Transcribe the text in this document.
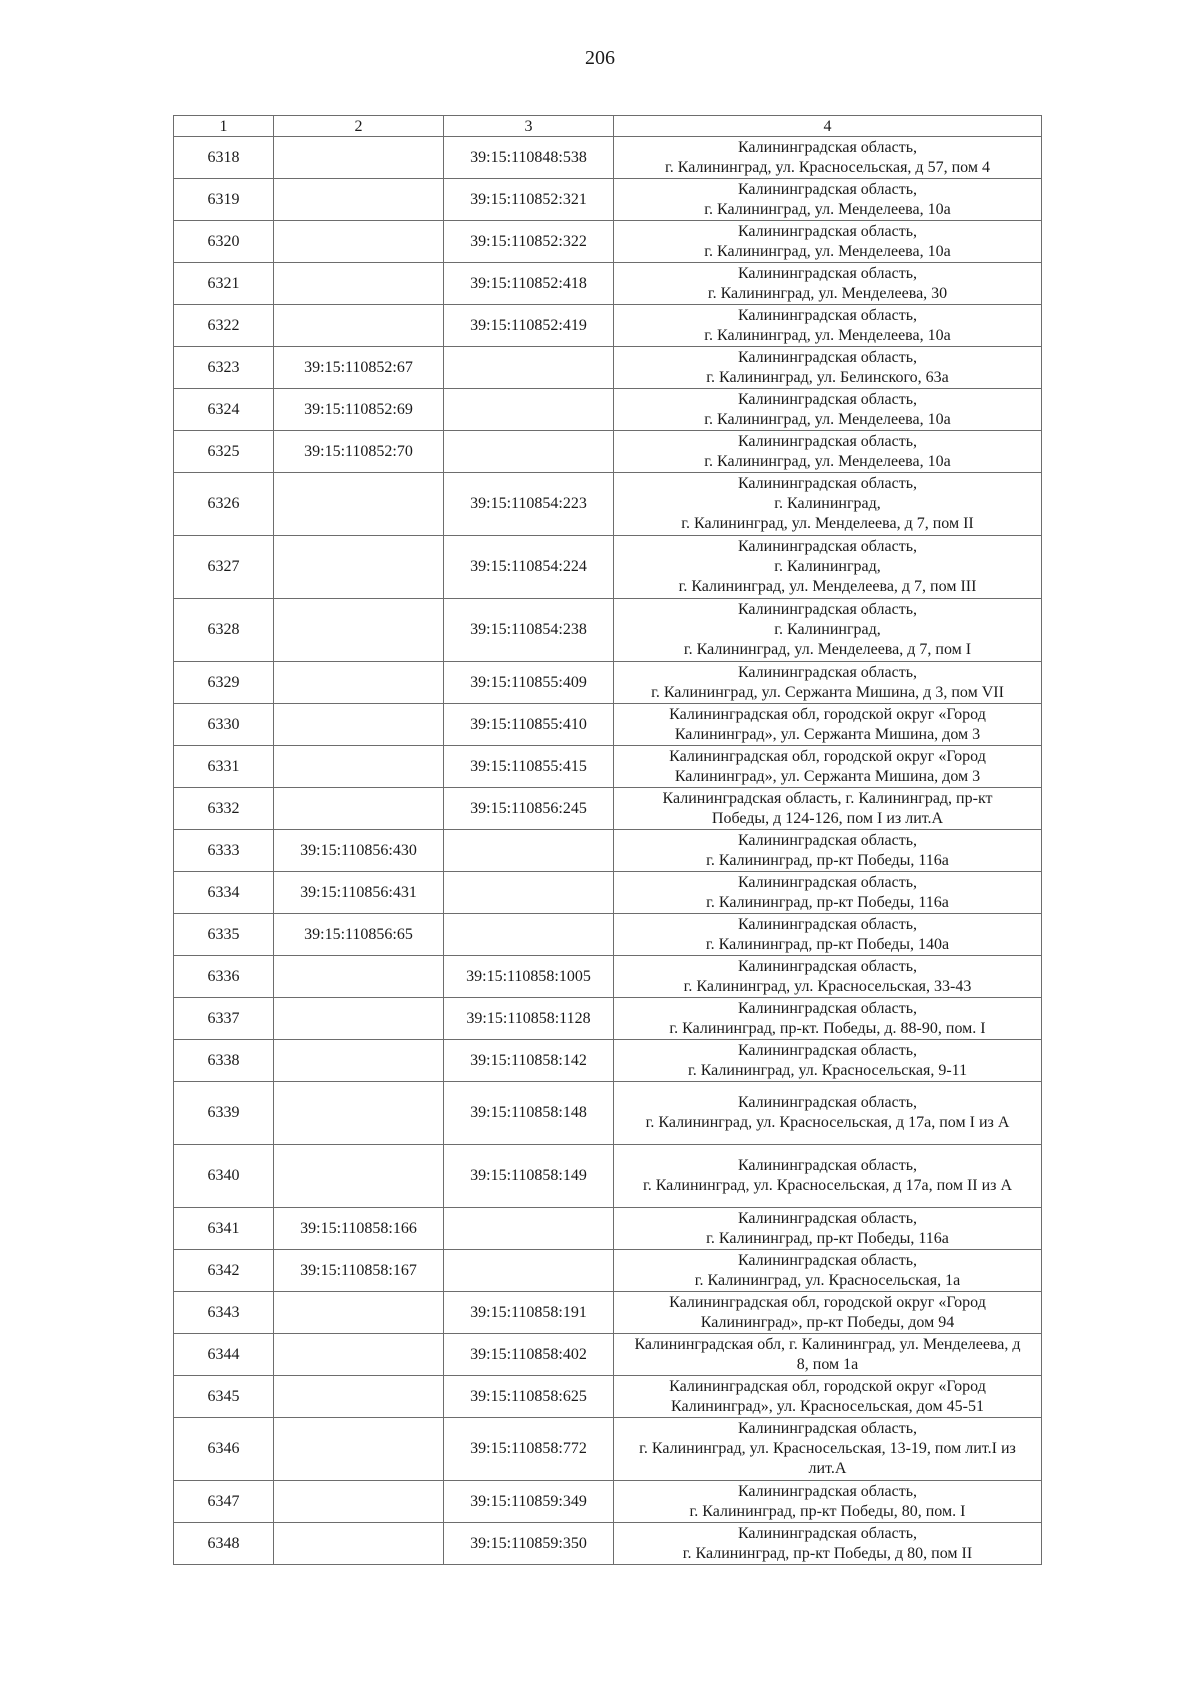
206
1	2	3	4
6318		39:15:110848:538	Калининградская область,
г. Калининград, ул. Красносельская, д 57, пом 4
6319		39:15:110852:321	Калининградская область,
г. Калининград, ул. Менделеева, 10а
6320		39:15:110852:322	Калининградская область,
г. Калининград, ул. Менделеева, 10а
6321		39:15:110852:418	Калининградская область,
г. Калининград, ул. Менделеева, 30
6322		39:15:110852:419	Калининградская область,
г. Калининград, ул. Менделеева, 10а
6323	39:15:110852:67		Калининградская область,
г. Калининград, ул. Белинского, 63а
6324	39:15:110852:69		Калининградская область,
г. Калининград, ул. Менделеева, 10а
6325	39:15:110852:70		Калининградская область,
г. Калининград, ул. Менделеева, 10а
6326		39:15:110854:223	Калининградская область,
г. Калининград,
г. Калининград, ул. Менделеева, д 7, пом II
6327		39:15:110854:224	Калининградская область,
г. Калининград,
г. Калининград, ул. Менделеева, д 7, пом III
6328		39:15:110854:238	Калининградская область,
г. Калининград,
г. Калининград, ул. Менделеева, д 7, пом I
6329		39:15:110855:409	Калининградская область,
г. Калининград, ул. Сержанта Мишина, д 3, пом VII
6330		39:15:110855:410	Калининградская обл, городской округ «Город
Калининград», ул. Сержанта Мишина, дом 3
6331		39:15:110855:415	Калининградская обл, городской округ «Город
Калининград», ул. Сержанта Мишина, дом 3
6332		39:15:110856:245	Калининградская область, г. Калининград, пр-кт
Победы, д 124-126, пом I из лит.А
6333	39:15:110856:430		Калининградская область,
г. Калининград, пр-кт Победы, 116а
6334	39:15:110856:431		Калининградская область,
г. Калининград, пр-кт Победы, 116а
6335	39:15:110856:65		Калининградская область,
г. Калининград, пр-кт Победы, 140а
6336		39:15:110858:1005	Калининградская область,
г. Калининград, ул. Красносельская, 33-43
6337		39:15:110858:1128	Калининградская область,
г. Калининград, пр-кт. Победы, д. 88-90, пом. I
6338		39:15:110858:142	Калининградская область,
г. Калининград, ул. Красносельская, 9-11
6339		39:15:110858:148	Калининградская область,
г. Калининград, ул. Красносельская, д 17а, пом I из А
6340		39:15:110858:149	Калининградская область,
г. Калининград, ул. Красносельская, д 17а, пом II из А
6341	39:15:110858:166		Калининградская область,
г. Калининград, пр-кт Победы, 116а
6342	39:15:110858:167		Калининградская область,
г. Калининград, ул. Красносельская, 1а
6343		39:15:110858:191	Калининградская обл, городской округ «Город
Калининград», пр-кт Победы, дом 94
6344		39:15:110858:402	Калининградская обл, г. Калининград, ул. Менделеева, д
8, пом 1а
6345		39:15:110858:625	Калининградская обл, городской округ «Город
Калининград», ул. Красносельская, дом 45-51
6346		39:15:110858:772	Калининградская область,
г. Калининград, ул. Красносельская, 13-19, пом лит.I из
лит.А
6347		39:15:110859:349	Калининградская область,
г. Калининград, пр-кт Победы, 80, пом. I
6348		39:15:110859:350	Калининградская область,
г. Калининград, пр-кт Победы, д 80, пом II
